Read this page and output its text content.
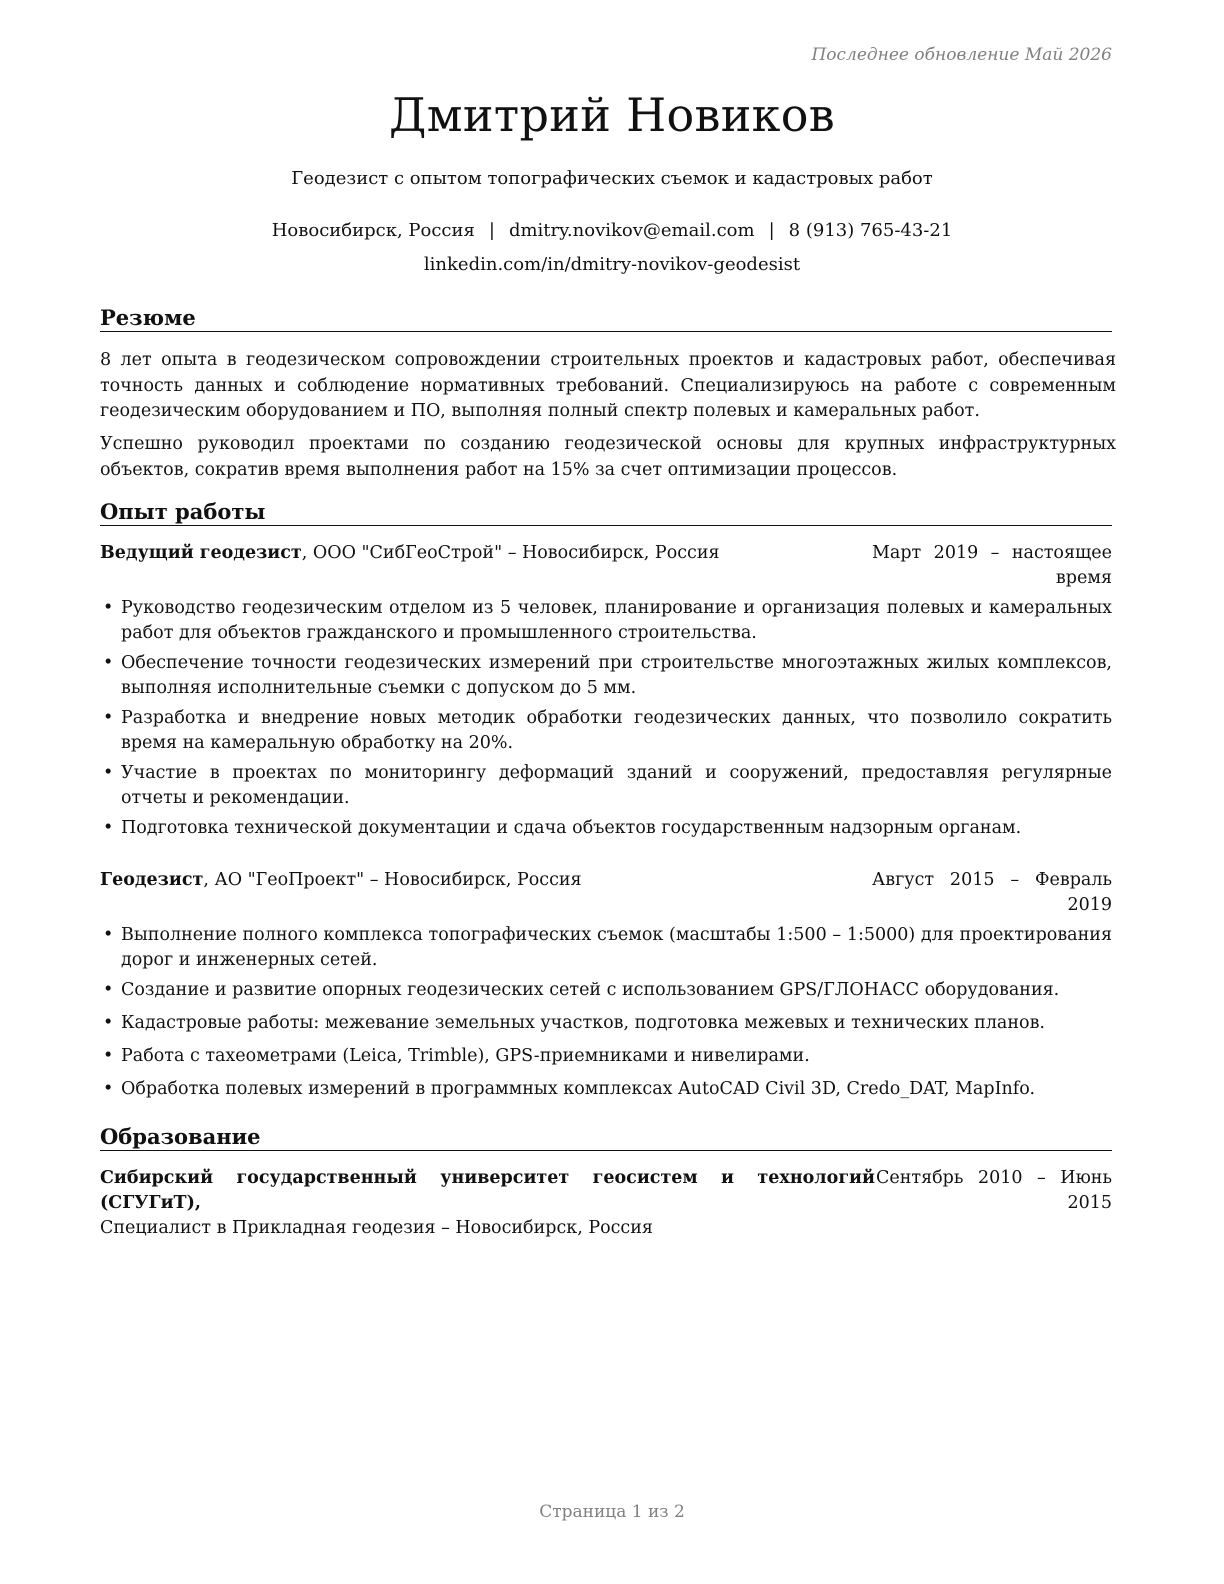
Последнее обновление Май 2026
Дмитрий Новиков
Геодезист с опытом топографических съемок и кадастровых работ
Новосибирск, Россия | dmitry.novikov@email.com | 8 (913) 765-43-21
linkedin.com/in/dmitry-novikov-geodesist
Резюме

8 лет опыта в геодезическом сопровождении строительных проектов и кадастровых работ, обеспечивая точность данных и соблюдение нормативных требований. Специализируюсь на работе с современным геодезическим оборудованием и ПО, выполняя полный спектр полевых и камеральных работ.

Успешно руководил проектами по созданию геодезической основы для крупных инфраструктурных объектов, сократив время выполнения работ на 15% за счет оптимизации процессов.

Опыт работы
Ведущий геодезист, ООО "СибГеоСтрой" – Новосибирск, Россия	Март 2019 – настоящее время
• Руководство геодезическим отделом из 5 человек, планирование и организация полевых и камеральных работ для объектов гражданского и промышленного строительства.
• Обеспечение точности геодезических измерений при строительстве многоэтажных жилых комплексов, выполняя исполнительные съемки с допуском до 5 мм.
• Разработка и внедрение новых методик обработки геодезических данных, что позволило сократить время на камеральную обработку на 20%.
• Участие в проектах по мониторингу деформаций зданий и сооружений, предоставляя регулярные отчеты и рекомендации.
• Подготовка технической документации и сдача объектов государственным надзорным органам.
Геодезист, АО "ГеоПроект" – Новосибирск, Россия	Август 2015 – Февраль 2019
• Выполнение полного комплекса топографических съемок (масштабы 1:500 – 1:5000) для проектирования дорог и инженерных сетей.
• Создание и развитие опорных геодезических сетей с использованием GPS/ГЛОНАСС оборудования.
• Кадастровые работы: межевание земельных участков, подготовка межевых и технических планов.
• Работа с тахеометрами (Leica, Trimble), GPS-приемниками и нивелирами.
• Обработка полевых измерений в программных комплексах AutoCAD Civil 3D, Credo_DAT, MapInfo.
Образование
Сибирский государственный университет геосистем и технологий (СГУГиТ),
Специалист в Прикладная геодезия – Новосибирск, Россия
Сентябрь 2010 – Июнь 2015
Страница 1 из 2
